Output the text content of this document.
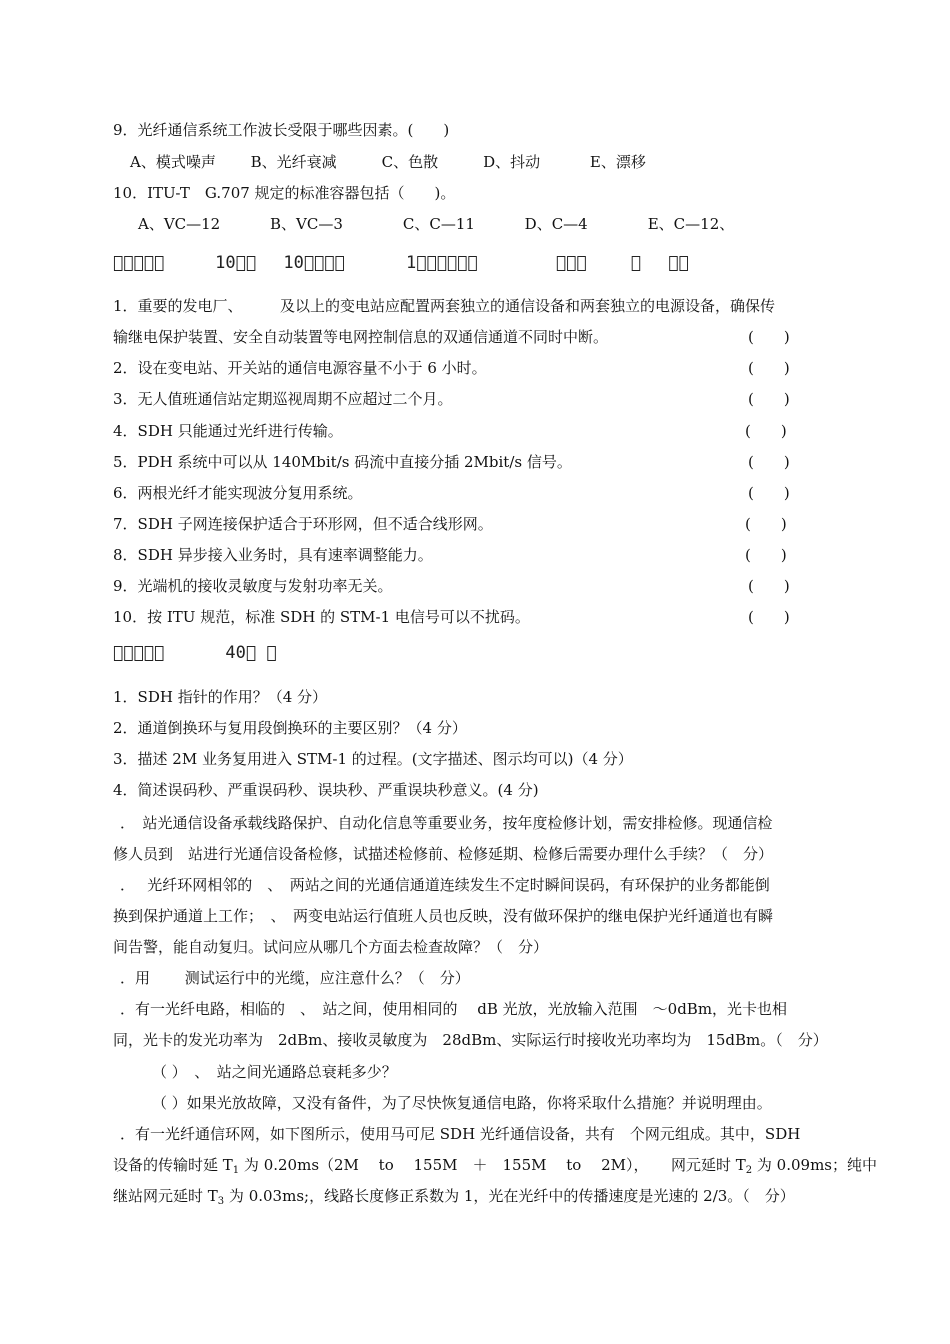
9．光纤通信系统工作波长受限于哪些因素。(　　)
A、模式噪声　　 B、光纤衰减　　　C、色散　　　D、抖动　　　 E、漂移
10．ITU-T　G.707 规定的标准容器包括（　　)。
A、VC—12　　　 B、VC—3　　　　C、C—11　　　 D、C—4　　　　E、C—12、
􀀀􀀀􀀀􀀀􀀀　　　10􀀀􀀀　 10􀀀􀀀􀀀􀀀　　　 1􀀀􀀀􀀀􀀀􀀀􀀀　　　　 􀀀􀀀􀀀　　 􀀀　 􀀀􀀀
1．重要的发电厂、　　　及以上的变电站应配置两套独立的通信设备和两套独立的电源设备，确保传
输继电保护装置、安全自动装置等电网控制信息的双通信通道不同时中断。	(　　)
2．设在变电站、开关站的通信电源容量不小于 6 小时。	(　　)
3．无人值班通信站定期巡视周期不应超过二个月。	(　　)
4．SDH 只能通过光纤进行传输。	(　　)
5．PDH 系统中可以从 140Mbit/s 码流中直接分插 2Mbit/s 信号。	(　　)
6．两根光纤才能实现波分复用系统。	(　　)
7．SDH 子网连接保护适合于环形网，但不适合线形网。	(　　)
8．SDH 异步接入业务时，具有速率调整能力。	(　　)
9．光端机的接收灵敏度与发射功率无关。	(　　)
10．按 ITU 规范，标准 SDH 的 STM-1 电信号可以不扰码。	(　　)
􀀀􀀀􀀀􀀀􀀀　　　 40􀀀 􀀀
1．SDH 指针的作用？（4 分）
2．通道倒换环与复用段倒换环的主要区别？（4 分）
3．描述 2M 业务复用进入 STM-1 的过程。(文字描述、图示均可以)（4 分）
4．简述误码秒、严重误码秒、误块秒、严重误块秒意义。(4 分)
．　站光通信设备承载线路保护、自动化信息等重要业务，按年度检修计划，需安排检修。现通信检
修人员到　站进行光通信设备检修，试描述检修前、检修延期、检修后需要办理什么手续？（　分）
．　 光纤环网相邻的　、　两站之间的光通信通道连续发生不定时瞬间误码，有环保护的业务都能倒
换到保护通道上工作；　、　两变电站运行值班人员也反映，没有做环保护的继电保护光纤通道也有瞬
间告警，能自动复归。试问应从哪几个方面去检查故障？（　分）
．用　　 测试运行中的光缆，应注意什么？（　分）
．有一光纤电路，相临的　、　站之间，使用相同的　 dB 光放，光放输入范围　～0dBm，光卡也相
同，光卡的发光功率为　2dBm、接收灵敏度为　28dBm、实际运行时接收光功率均为　15dBm。（　分）
（ ）　、　站之间光通路总衰耗多少？
（ ）如果光放故障，又没有备件，为了尽快恢复通信电路，你将采取什么措施？并说明理由。
．有一光纤通信环网，如下图所示，使用马可尼 SDH 光纤通信设备，共有　个网元组成。其中，SDH
设备的传输时延 $T_1$ 为 0.20ms（2M　 to　 155M　＋　155M　 to　 2M），　　网元延时 $T_2$ 为 0.09ms；纯中
继站网元延时 $T_3$ 为 0.03ms;，线路长度修正系数为 1，光在光纤中的传播速度是光速的 2/3。（　分）
